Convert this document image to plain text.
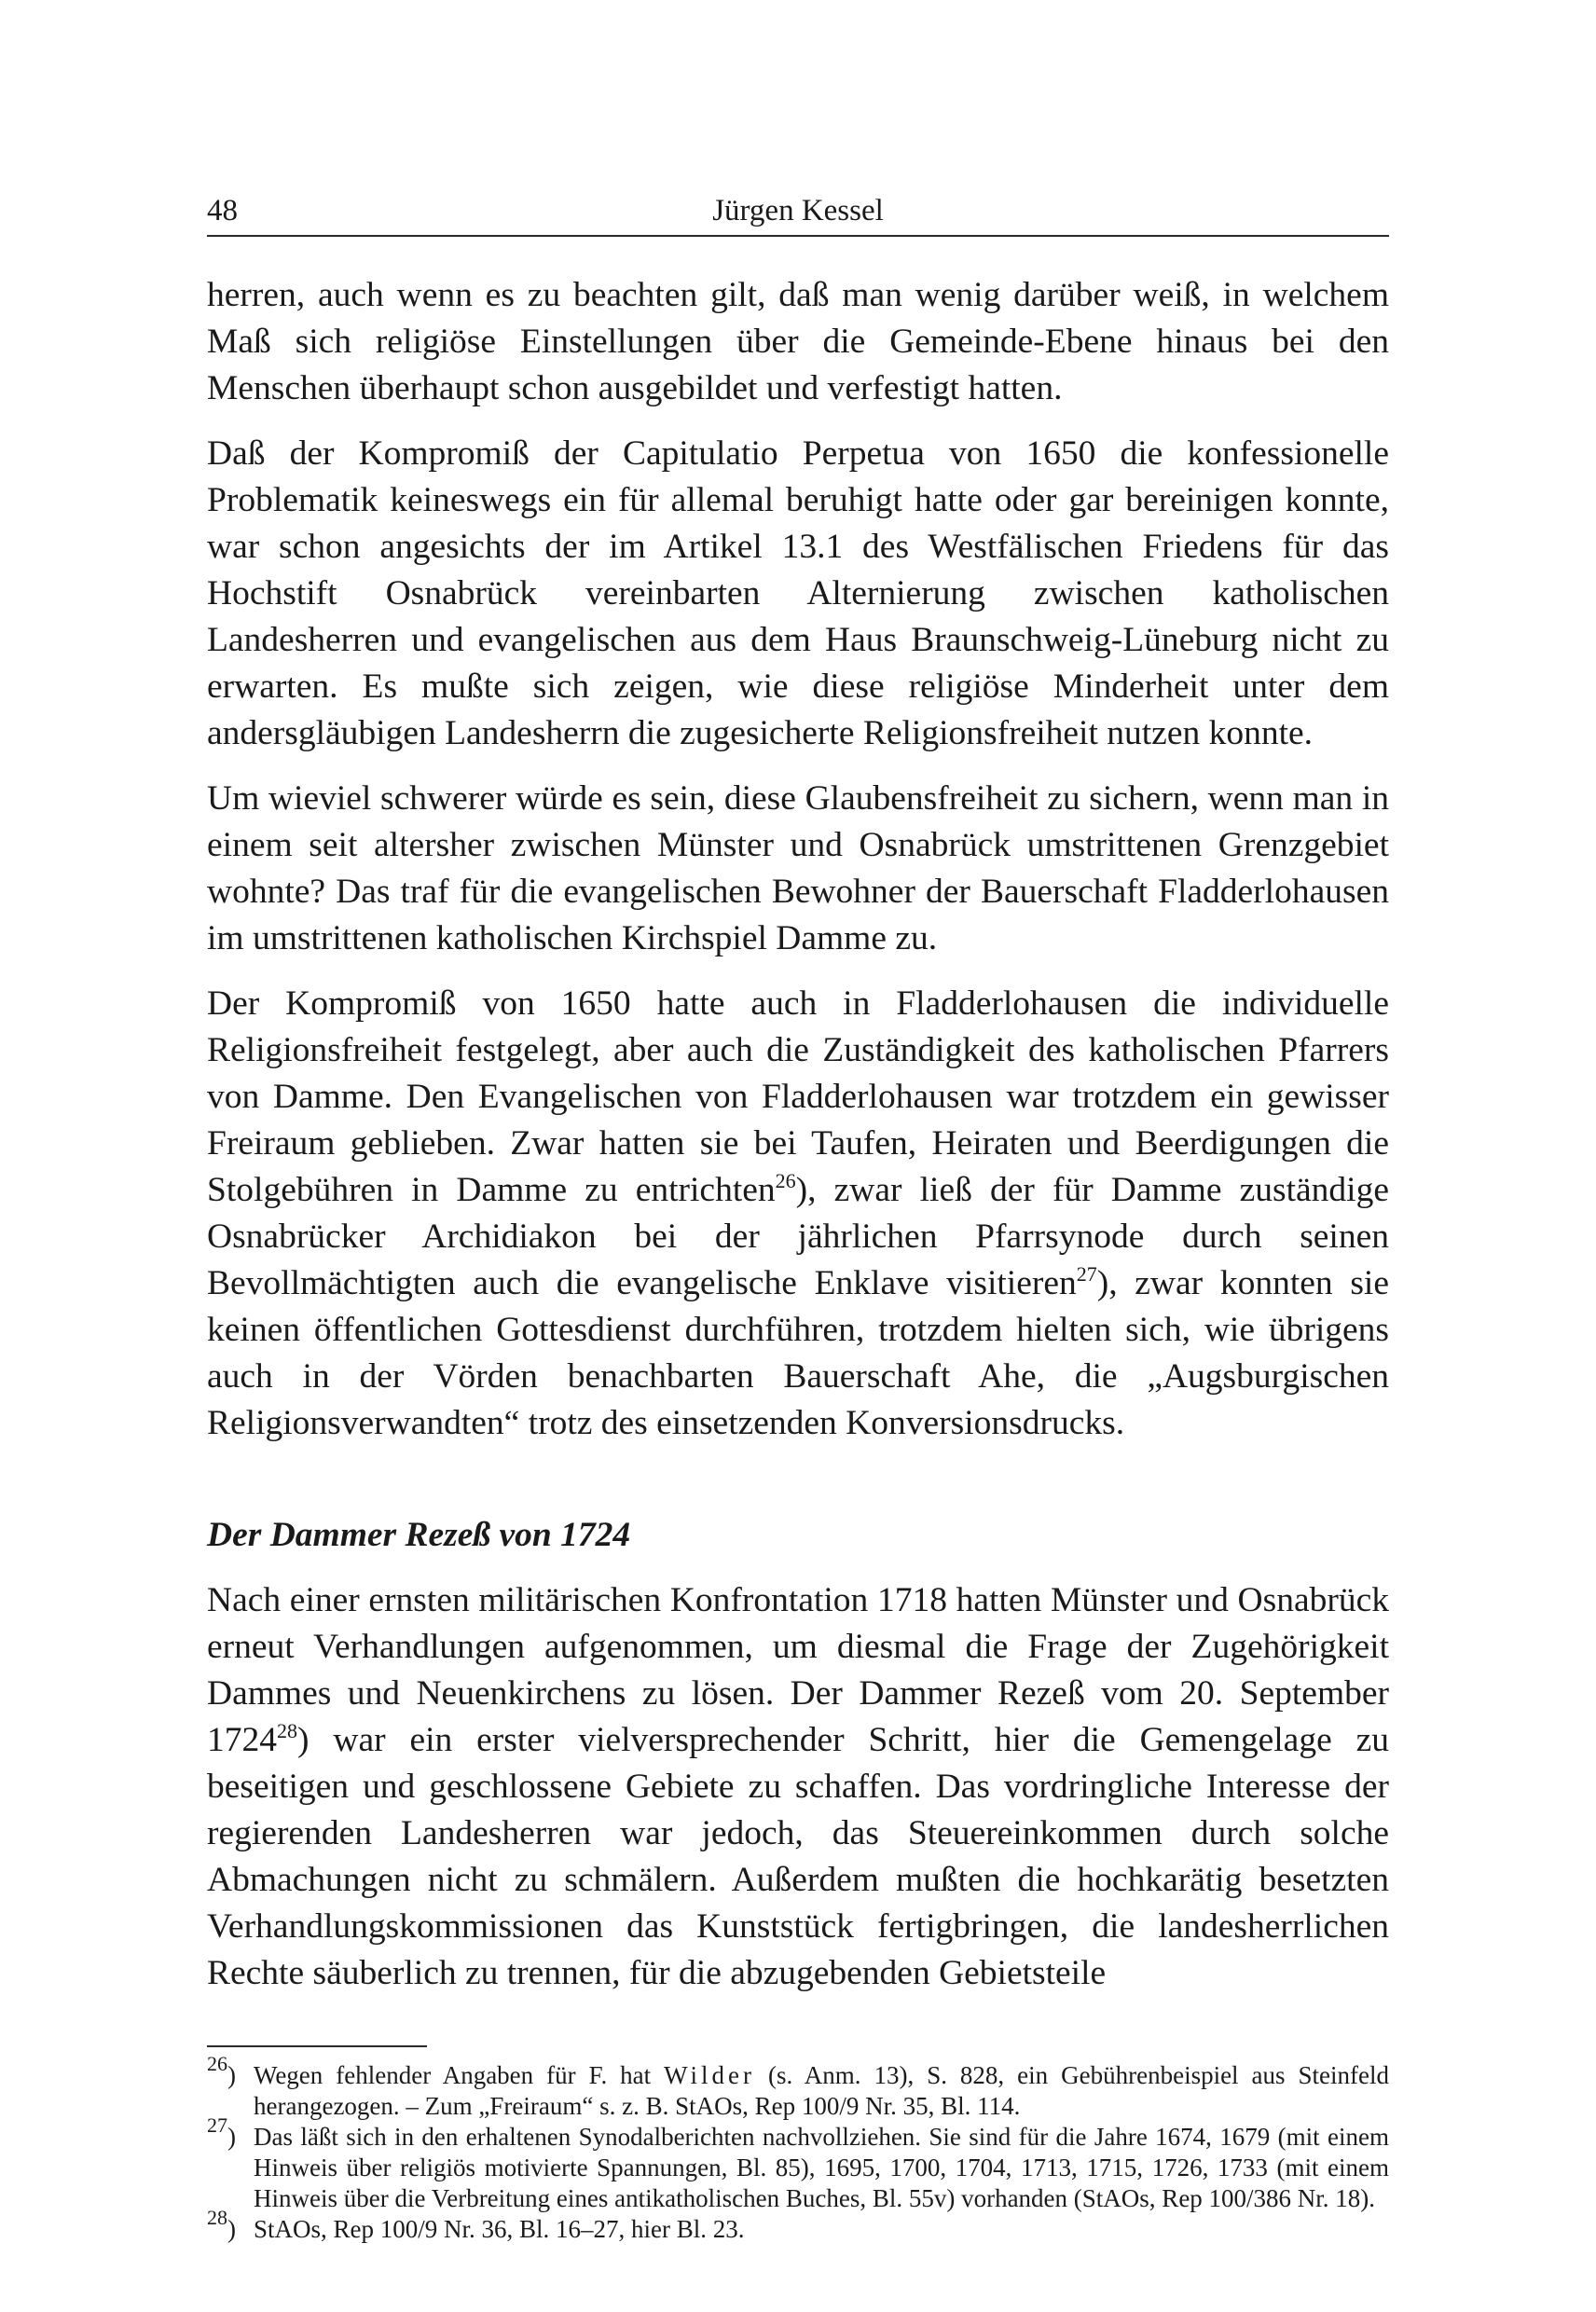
48	Jürgen Kessel

herren, auch wenn es zu beachten gilt, daß man wenig darüber weiß, in welchem Maß sich religiöse Einstellungen über die Gemeinde-Ebene hinaus bei den Menschen überhaupt schon ausgebildet und verfestigt hatten.

Daß der Kompromiß der Capitulatio Perpetua von 1650 die konfessionelle Problematik keineswegs ein für allemal beruhigt hatte oder gar bereinigen konnte, war schon angesichts der im Artikel 13.1 des Westfälischen Friedens für das Hochstift Osnabrück vereinbarten Alternierung zwischen katholischen Landesherren und evangelischen aus dem Haus Braunschweig-Lüneburg nicht zu erwarten. Es mußte sich zeigen, wie diese religiöse Minderheit unter dem andersgläubigen Landesherrn die zugesicherte Religionsfreiheit nutzen konnte.

Um wieviel schwerer würde es sein, diese Glaubensfreiheit zu sichern, wenn man in einem seit altersher zwischen Münster und Osnabrück umstrittenen Grenzgebiet wohnte? Das traf für die evangelischen Bewohner der Bauerschaft Fladderlohausen im umstrittenen katholischen Kirchspiel Damme zu.

Der Kompromiß von 1650 hatte auch in Fladderlohausen die individuelle Religionsfreiheit festgelegt, aber auch die Zuständigkeit des katholischen Pfarrers von Damme. Den Evangelischen von Fladderlohausen war trotzdem ein gewisser Freiraum geblieben. Zwar hatten sie bei Taufen, Heiraten und Beerdigungen die Stolgebühren in Damme zu entrichten$^{26}$), zwar ließ der für Damme zuständige Osnabrücker Archidiakon bei der jährlichen Pfarrsynode durch seinen Bevollmächtigten auch die evangelische Enklave visitieren$^{27}$), zwar konnten sie keinen öffentlichen Gottesdienst durchführen, trotzdem hielten sich, wie übrigens auch in der Vörden benachbarten Bauerschaft Ahe, die „Augsburgischen Religionsverwandten“ trotz des einsetzenden Konversionsdrucks.

Der Dammer Rezeß von 1724

Nach einer ernsten militärischen Konfrontation 1718 hatten Münster und Osnabrück erneut Verhandlungen aufgenommen, um diesmal die Frage der Zugehörigkeit Dammes und Neuenkirchens zu lösen. Der Dammer Rezeß vom 20. September 1724$^{28}$) war ein erster vielversprechender Schritt, hier die Gemengelage zu beseitigen und geschlossene Gebiete zu schaffen. Das vordringliche Interesse der regierenden Landesherren war jedoch, das Steuereinkommen durch solche Abmachungen nicht zu schmälern. Außerdem mußten die hochkarätig besetzten Verhandlungskommissionen das Kunststück fertigbringen, die landesherrlichen Rechte säuberlich zu trennen, für die abzugebenden Gebietsteile

$^{26}$) Wegen fehlender Angaben für F. hat Wilder (s. Anm. 13), S. 828, ein Gebührenbeispiel aus Steinfeld herangezogen. – Zum „Freiraum“ s. z. B. StAOs, Rep 100/9 Nr. 35, Bl. 114.
$^{27}$) Das läßt sich in den erhaltenen Synodalberichten nachvollziehen. Sie sind für die Jahre 1674, 1679 (mit einem Hinweis über religiös motivierte Spannungen, Bl. 85), 1695, 1700, 1704, 1713, 1715, 1726, 1733 (mit einem Hinweis über die Verbreitung eines antikatholischen Buches, Bl. 55v) vorhanden (StAOs, Rep 100/386 Nr. 18).
$^{28}$) StAOs, Rep 100/9 Nr. 36, Bl. 16–27, hier Bl. 23.
